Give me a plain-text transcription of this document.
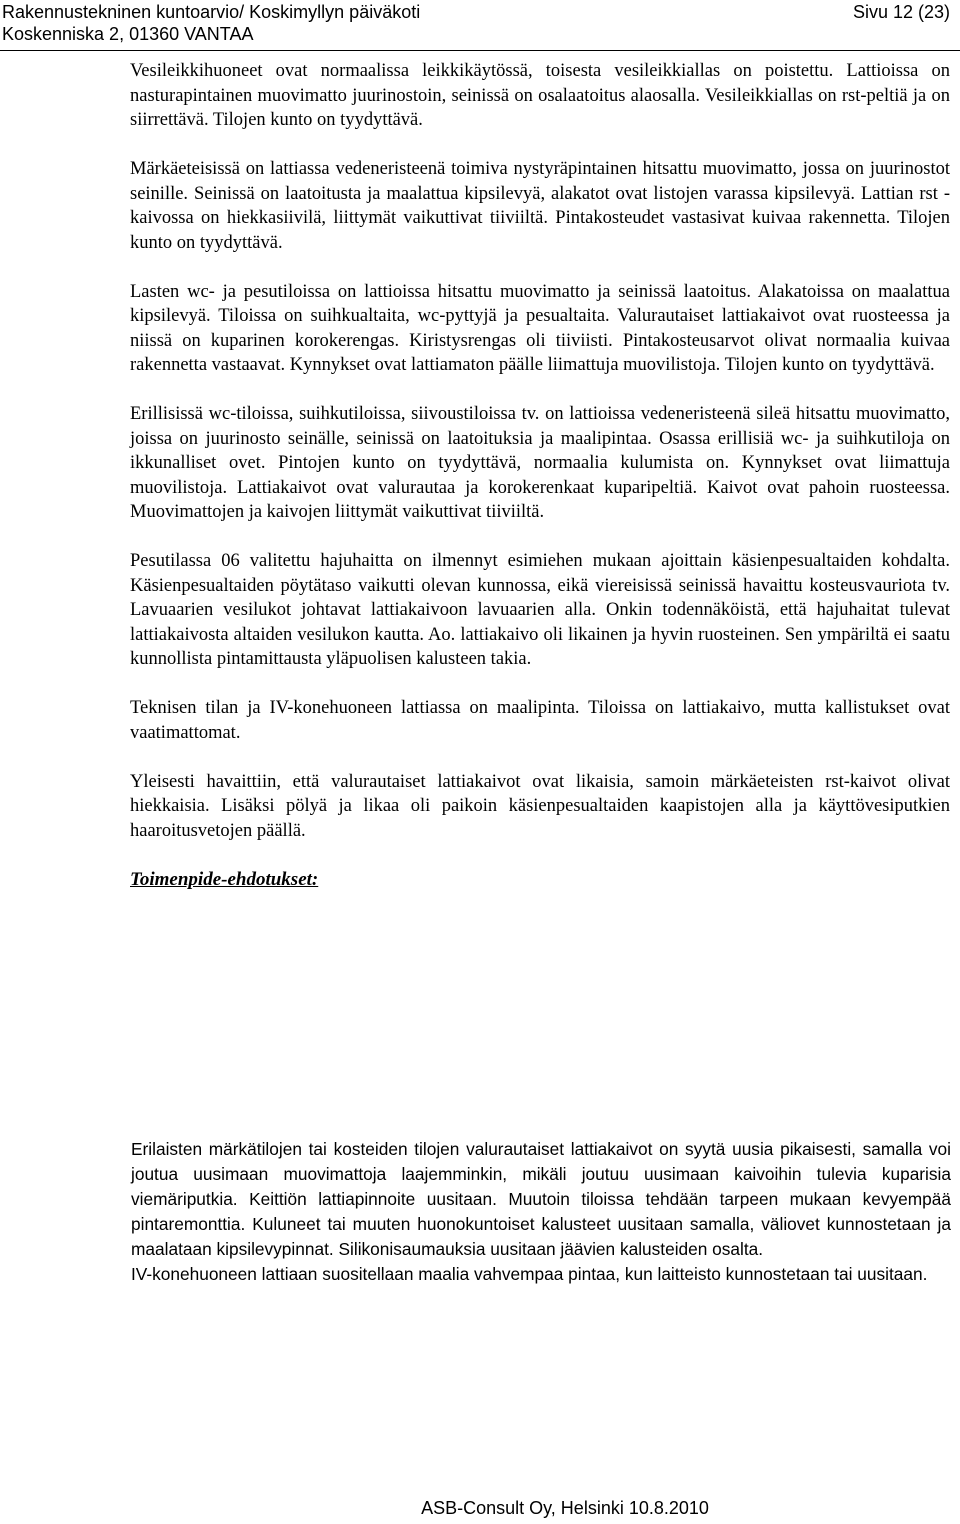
Rakennustekninen kuntoarvio/ Koskimyllyn päiväkoti
Koskenniska 2, 01360 VANTAA
Sivu 12 (23)

Vesileikkihuoneet ovat normaalissa leikkikäytössä, toisesta vesileikkiallas on poistettu. Lattioissa on nasturapintainen muovimatto juurinostoin, seinissä on osalaatoitus alaosalla. Vesileikkiallas on rst-peltiä ja on siirrettävä. Tilojen kunto on tyydyttävä.

Märkäeteisissä on lattiassa vedeneristeenä toimiva nystyräpintainen hitsattu muovimatto, jossa on juurinostot seinille. Seinissä on laatoitusta ja maalattua kipsilevyä, alakatot ovat listojen varassa kipsilevyä. Lattian rst -kaivossa on hiekkasiivilä, liittymät vaikuttivat tiiviiltä. Pintakosteudet vastasivat kuivaa rakennetta. Tilojen kunto on tyydyttävä.

Lasten wc- ja pesutiloissa on lattioissa hitsattu muovimatto ja seinissä laatoitus. Alakatoissa on maalattua kipsilevyä. Tiloissa on suihkualtaita, wc-pyttyjä ja pesualtaita. Valurautaiset lattiakaivot ovat ruosteessa ja niissä on kuparinen korokerengas. Kiristysrengas oli tiiviisti. Pintakosteusarvot olivat normaalia kuivaa rakennetta vastaavat. Kynnykset ovat lattiamaton päälle liimattuja muovilistoja. Tilojen kunto on tyydyttävä.

Erillisissä wc-tiloissa, suihkutiloissa, siivoustiloissa tv. on lattioissa vedeneristeenä sileä hitsattu muovimatto, joissa on juurinosto seinälle, seinissä on laatoituksia ja maalipintaa. Osassa erillisiä wc- ja suihkutiloja on ikkunalliset ovet. Pintojen kunto on tyydyttävä, normaalia kulumista on. Kynnykset ovat liimattuja muovilistoja. Lattiakaivot ovat valurautaa ja korokerenkaat kuparipeltiä. Kaivot ovat pahoin ruosteessa. Muovimattojen ja kaivojen liittymät vaikuttivat tiiviiltä.

Pesutilassa 06 valitettu hajuhaitta on ilmennyt esimiehen mukaan ajoittain käsienpesualtaiden kohdalta. Käsienpesualtaiden pöytätaso vaikutti olevan kunnossa, eikä viereisissä seinissä havaittu kosteusvauriota tv. Lavuaarien vesilukot johtavat lattiakaivoon lavuaarien alla. Onkin todennäköistä, että hajuhaitat tulevat lattiakaivosta altaiden vesilukon kautta. Ao. lattiakaivo oli likainen ja hyvin ruosteinen. Sen ympäriltä ei saatu kunnollista pintamittausta yläpuolisen kalusteen takia.

Teknisen tilan ja IV-konehuoneen lattiassa on maalipinta. Tiloissa on lattiakaivo, mutta kallistukset ovat vaatimattomat.

Yleisesti havaittiin, että valurautaiset lattiakaivot ovat likaisia, samoin märkäeteisten rst-kaivot olivat hiekkaisia. Lisäksi pölyä ja likaa oli paikoin käsienpesualtaiden kaapistojen alla ja käyttövesiputkien haaroitusvetojen päällä.

Toimenpide-ehdotukset:

Erilaisten märkätilojen tai kosteiden tilojen valurautaiset lattiakaivot on syytä uusia pikaisesti, samalla voi joutua uusimaan muovimattoja laajemminkin, mikäli joutuu uusimaan kaivoihin tulevia kuparisia viemäriputkia. Keittiön lattiapinnoite uusitaan. Muutoin tiloissa tehdään tarpeen mukaan kevyempää pintaremonttia. Kuluneet tai muuten huonokuntoiset kalusteet uusitaan samalla, väliovet kunnostetaan ja maalataan kipsilevypinnat. Silikonisaumauksia uusitaan jäävien kalusteiden osalta.

IV-konehuoneen lattiaan suositellaan maalia vahvempaa pintaa, kun laitteisto kunnostetaan tai uusitaan.

ASB-Consult Oy, Helsinki 10.8.2010
